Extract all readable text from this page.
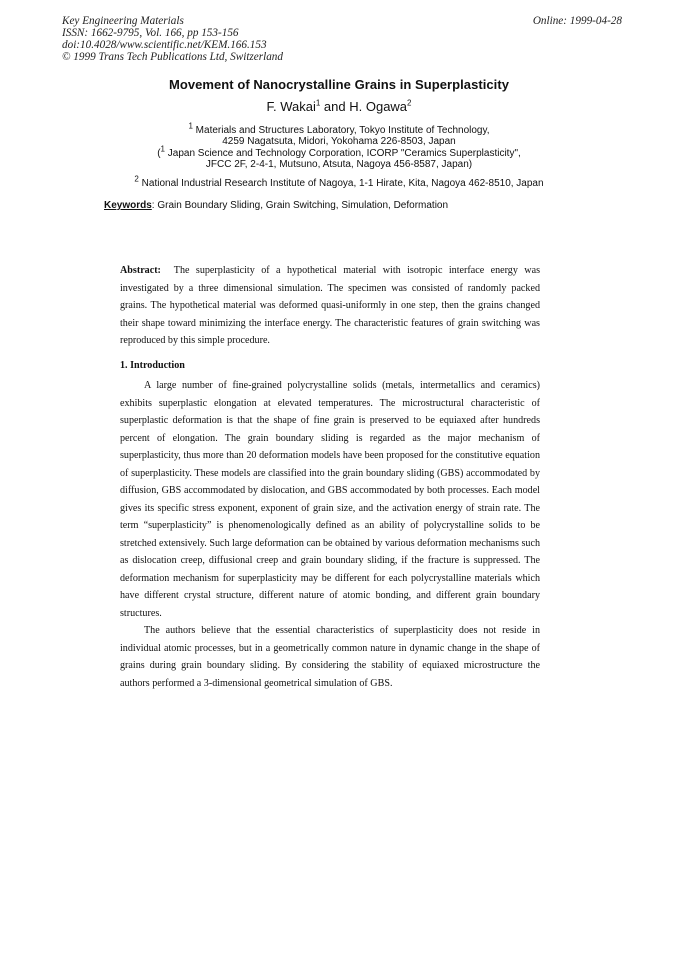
Key Engineering Materials
ISSN: 1662-9795, Vol. 166, pp 153-156
doi:10.4028/www.scientific.net/KEM.166.153
© 1999 Trans Tech Publications Ltd, Switzerland
Online: 1999-04-28
Movement of Nanocrystalline Grains in Superplasticity
F. Wakai$^1$ and H. Ogawa$^2$
$^1$ Materials and Structures Laboratory, Tokyo Institute of Technology,
4259 Nagatsuta, Midori, Yokohama 226-8503, Japan
($^1$ Japan Science and Technology Corporation, ICORP "Ceramics Superplasticity",
JFCC 2F, 2-4-1, Mutsuno, Atsuta, Nagoya 456-8587, Japan)
$^2$ National Industrial Research Institute of Nagoya, 1-1 Hirate, Kita, Nagoya 462-8510, Japan
Keywords: Grain Boundary Sliding, Grain Switching, Simulation, Deformation
Abstract: The superplasticity of a hypothetical material with isotropic interface energy was investigated by a three dimensional simulation. The specimen was consisted of randomly packed grains. The hypothetical material was deformed quasi-uniformly in one step, then the grains changed their shape toward minimizing the interface energy. The characteristic features of grain switching was reproduced by this simple procedure.
1. Introduction

A large number of fine-grained polycrystalline solids (metals, intermetallics and ceramics) exhibits superplastic elongation at elevated temperatures. The microstructural characteristic of superplastic deformation is that the shape of fine grain is preserved to be equiaxed after hundreds percent of elongation. The grain boundary sliding is regarded as the major mechanism of superplasticity, thus more than 20 deformation models have been proposed for the constitutive equation of superplasticity. These models are classified into the grain boundary sliding (GBS) accommodated by diffusion, GBS accommodated by dislocation, and GBS accommodated by both processes. Each model gives its specific stress exponent, exponent of grain size, and the activation energy of strain rate. The term “superplasticity” is phenomenologically defined as an ability of polycrystalline solids to be stretched extensively. Such large deformation can be obtained by various deformation mechanisms such as dislocation creep, diffusional creep and grain boundary sliding, if the fracture is suppressed. The deformation mechanism for superplasticity may be different for each polycrystalline materials which have different crystal structure, different nature of atomic bonding, and different grain boundary structures.

The authors believe that the essential characteristics of superplasticity does not reside in individual atomic processes, but in a geometrically common nature in dynamic change in the shape of grains during grain boundary sliding. By considering the stability of equiaxed microstructure the authors performed a 3-dimensional geometrical simulation of GBS.
